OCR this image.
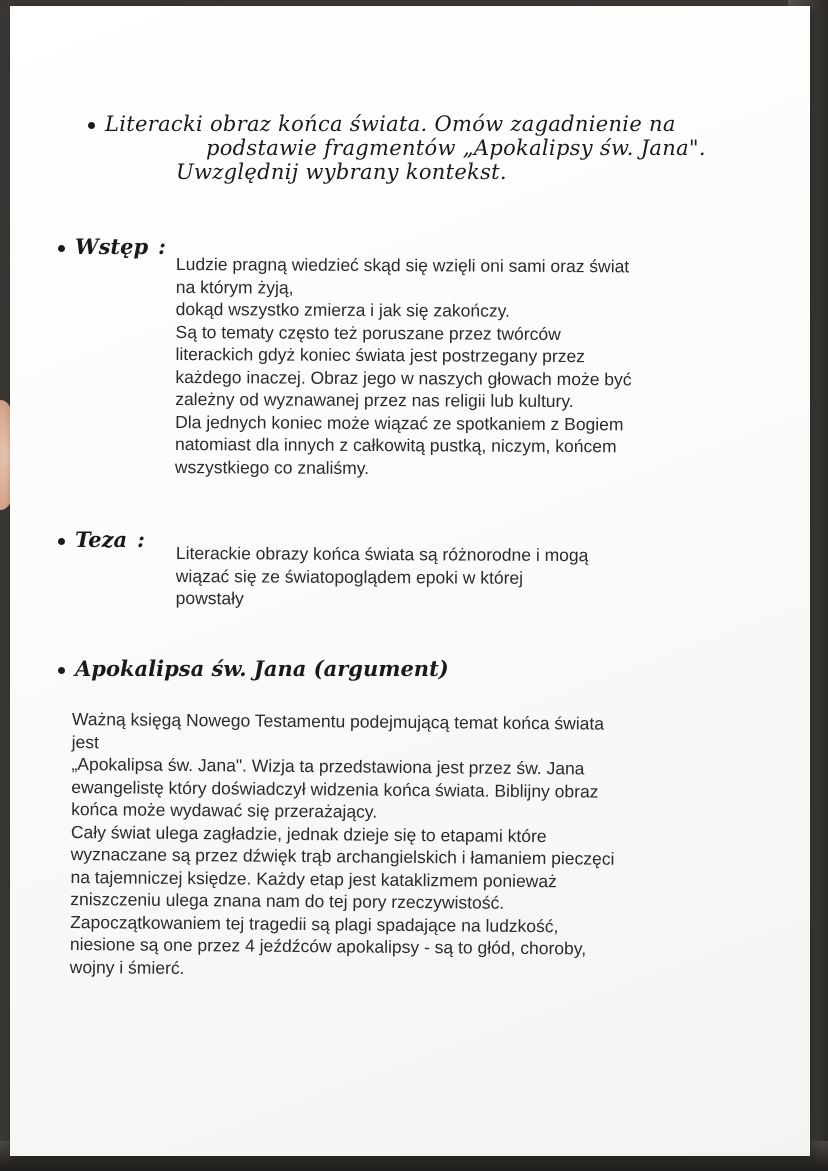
Literacki obraz końca świata. Omów zagadnienie na
podstawie fragmentów „Apokalipsy św. Jana".
Uwzględnij wybrany kontekst.
Wstęp :

Ludzie pragną wiedzieć skąd się wzięli oni sami oraz świat

na którym żyją,

dokąd wszystko zmierza i jak się zakończy.

Są to tematy często też poruszane przez twórców

literackich gdyż koniec świata jest postrzegany przez

każdego inaczej. Obraz jego w naszych głowach może być

zależny od wyznawanej przez nas religii lub kultury.

Dla jednych koniec może wiązać ze spotkaniem z Bogiem

natomiast dla innych z całkowitą pustką, niczym, końcem

wszystkiego co znaliśmy.

Teza :

Literackie obrazy końca świata są różnorodne i mogą

wiązać się ze światopoglądem epoki w której

powstały

Apokalipsa św. Jana (argument)

Ważną księgą Nowego Testamentu podejmującą temat końca świata

jest

„Apokalipsa św. Jana". Wizja ta przedstawiona jest przez św. Jana

ewangelistę który doświadczył widzenia końca świata. Biblijny obraz

końca może wydawać się przerażający.

Cały świat ulega zagładzie, jednak dzieje się to etapami które

wyznaczane są przez dźwięk trąb archangielskich i łamaniem pieczęci

na tajemniczej księdze. Każdy etap jest kataklizmem ponieważ

zniszczeniu ulega znana nam do tej pory rzeczywistość.

Zapoczątkowaniem tej tragedii są plagi spadające na ludzkość,

niesione są one przez 4 jeźdźców apokalipsy - są to głód, choroby,

wojny i śmierć.
